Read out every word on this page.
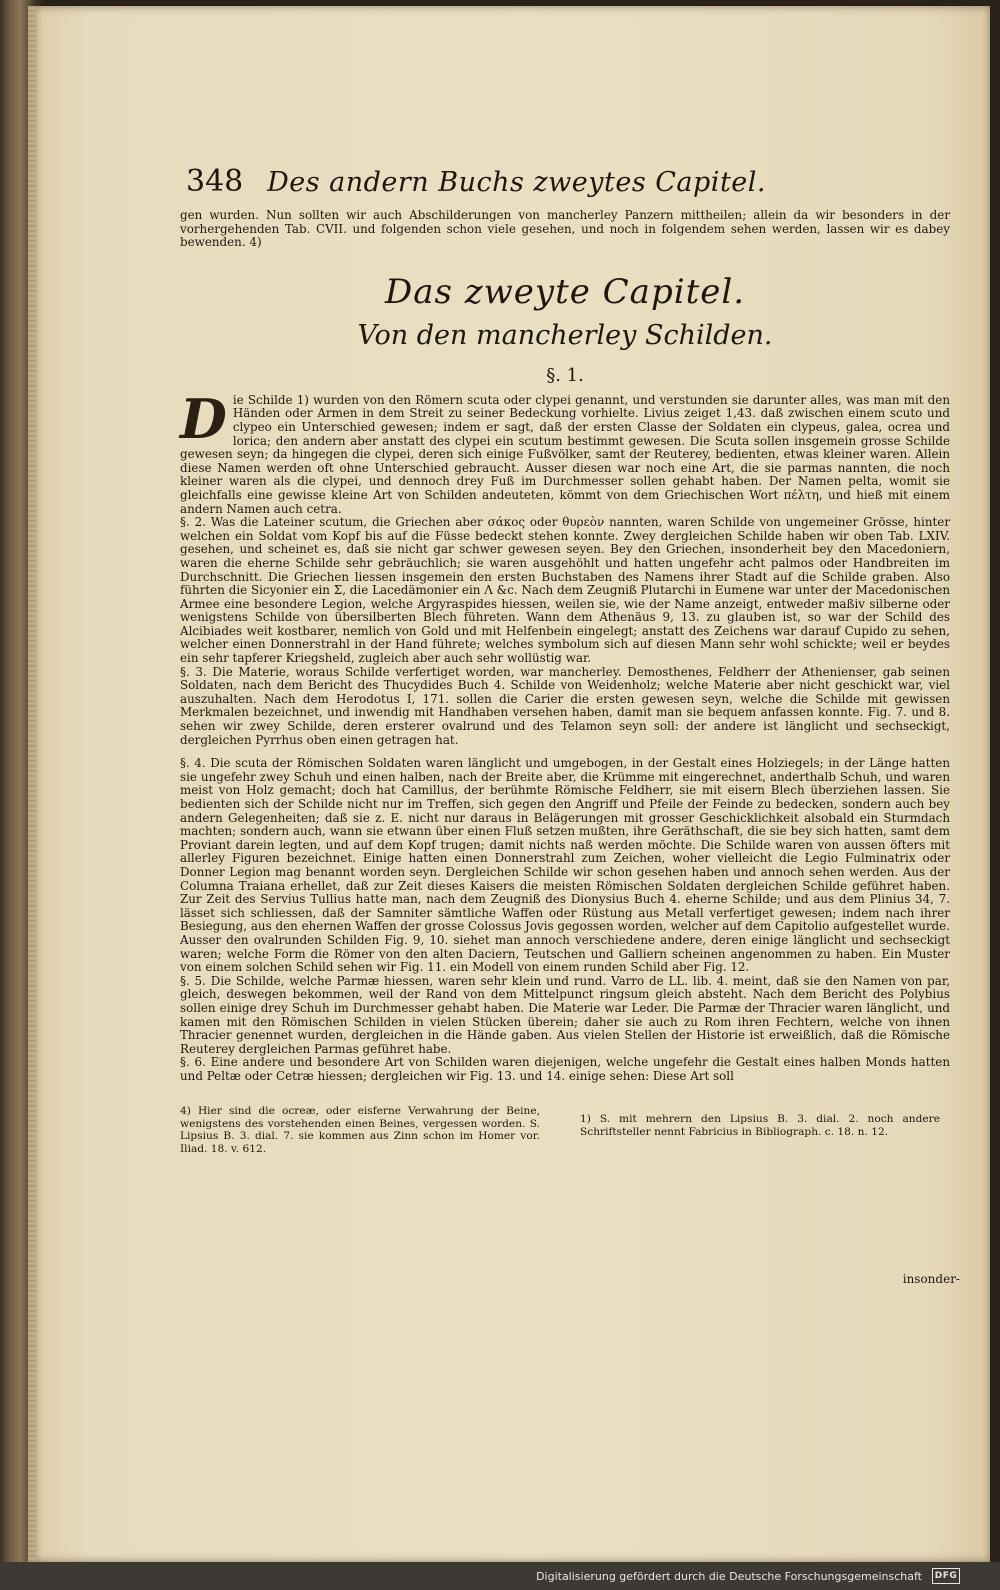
348 Des andern Buchs zweytes Capitel.

gen wurden. Nun sollten wir auch Abschilderungen von mancherley Panzern mittheilen; allein da wir besonders in der vorhergehenden Tab. CVII. und folgenden schon viele gesehen, und noch in folgendem sehen werden, lassen wir es dabey bewenden. 4)

Das zweyte Capitel.
Von den mancherley Schilden.
§. 1.

Die Schilde 1) wurden von den Römern scuta oder clypei genannt, und verstunden sie darunter alles, was man mit den Händen oder Armen in dem Streit zu seiner Bedeckung vorhielte. Livius zeiget 1,43. daß zwischen einem scuto und clypeo ein Unterschied gewesen; indem er sagt, daß der ersten Classe der Soldaten ein clypeus, galea, ocrea und lorica; den andern aber anstatt des clypei ein scutum bestimmt gewesen. Die Scuta sollen insgemein grosse Schilde gewesen seyn; da hingegen die clypei, deren sich einige Fußvölker, samt der Reuterey, bedienten, etwas kleiner waren. Allein diese Namen werden oft ohne Unterschied gebraucht. Ausser diesen war noch eine Art, die sie parmas nannten, die noch kleiner waren als die clypei, und dennoch drey Fuß im Durchmesser sollen gehabt haben. Der Namen pelta, womit sie gleichfalls eine gewisse kleine Art von Schilden andeuteten, kömmt von dem Griechischen Wort πέλτη, und hieß mit einem andern Namen auch cetra.

§. 2. Was die Lateiner scutum, die Griechen aber σάκος oder θυρεὸν nannten, waren Schilde von ungemeiner Grösse, hinter welchen ein Soldat vom Kopf bis auf die Füsse bedeckt stehen konnte. Zwey dergleichen Schilde haben wir oben Tab. LXIV. gesehen, und scheinet es, daß sie nicht gar schwer gewesen seyen. Bey den Griechen, insonderheit bey den Macedoniern, waren die eherne Schilde sehr gebräuchlich; sie waren ausgehöhlt und hatten ungefehr acht palmos oder Handbreiten im Durchschnitt. Die Griechen liessen insgemein den ersten Buchstaben des Namens ihrer Stadt auf die Schilde graben. Also führten die Sicyonier ein Σ, die Lacedämonier ein Λ &c. Nach dem Zeugniß Plutarchi in Eumene war unter der Macedonischen Armee eine besondere Legion, welche Argyraspides hiessen, weilen sie, wie der Name anzeigt, entweder maßiv silberne oder wenigstens Schilde von übersilberten Blech führeten. Wann dem Athenäus 9, 13. zu glauben ist, so war der Schild des Alcibiades weit kostbarer, nemlich von Gold und mit Helfenbein eingelegt; anstatt des Zeichens war darauf Cupido zu sehen, welcher einen Donnerstrahl in der Hand führete; welches symbolum sich auf diesen Mann sehr wohl schickte; weil er beydes ein sehr tapferer Kriegsheld, zugleich aber auch sehr wollüstig war.

§. 3. Die Materie, woraus Schilde verfertiget worden, war mancherley. Demosthenes, Feldherr der Athenienser, gab seinen Soldaten, nach dem Bericht des Thucydides Buch 4. Schilde von Weidenholz; welche Materie aber nicht geschickt war, viel auszuhalten. Nach dem Herodotus I, 171. sollen die Carier die ersten gewesen seyn, welche die Schilde mit gewissen Merkmalen bezeichnet, und inwendig mit Handhaben versehen haben, damit man sie bequem anfassen konnte. Fig. 7. und 8. sehen wir zwey Schilde, deren ersterer ovalrund und des Telamon seyn soll: der andere ist länglicht und sechseckigt, dergleichen Pyrrhus oben einen getragen hat.

§. 4. Die scuta der Römischen Soldaten waren länglicht und umgebogen, in der Gestalt eines Holziegels; in der Länge hatten sie ungefehr zwey Schuh und einen halben, nach der Breite aber, die Krümme mit eingerechnet, anderthalb Schuh, und waren meist von Holz gemacht; doch hat Camillus, der berühmte Römische Feldherr, sie mit eisern Blech überziehen lassen. Sie bedienten sich der Schilde nicht nur im Treffen, sich gegen den Angriff und Pfeile der Feinde zu bedecken, sondern auch bey andern Gelegenheiten; daß sie z. E. nicht nur daraus in Belägerungen mit grosser Geschicklichkeit alsobald ein Sturmdach machten; sondern auch, wann sie etwann über einen Fluß setzen mußten, ihre Geräthschaft, die sie bey sich hatten, samt dem Proviant darein legten, und auf dem Kopf trugen; damit nichts naß werden möchte. Die Schilde waren von aussen öfters mit allerley Figuren bezeichnet. Einige hatten einen Donnerstrahl zum Zeichen, woher vielleicht die Legio Fulminatrix oder Donner Legion mag benannt worden seyn. Dergleichen Schilde wir schon gesehen haben und annoch sehen werden. Aus der Columna Traiana erhellet, daß zur Zeit dieses Kaisers die meisten Römischen Soldaten dergleichen Schilde geführet haben. Zur Zeit des Servius Tullius hatte man, nach dem Zeugniß des Dionysius Buch 4. eherne Schilde; und aus dem Plinius 34, 7. lässet sich schliessen, daß der Samniter sämtliche Waffen oder Rüstung aus Metall verfertiget gewesen; indem nach ihrer Besiegung, aus den ehernen Waffen der grosse Colossus Jovis gegossen worden, welcher auf dem Capitolio aufgestellet wurde. Ausser den ovalrunden Schilden Fig. 9, 10. siehet man annoch verschiedene andere, deren einige länglicht und sechseckigt waren; welche Form die Römer von den alten Daciern, Teutschen und Galliern scheinen angenommen zu haben. Ein Muster von einem solchen Schild sehen wir Fig. 11. ein Modell von einem runden Schild aber Fig. 12.

§. 5. Die Schilde, welche Parmæ hiessen, waren sehr klein und rund. Varro de LL. lib. 4. meint, daß sie den Namen von par, gleich, deswegen bekommen, weil der Rand von dem Mittelpunct ringsum gleich absteht. Nach dem Bericht des Polybius sollen einige drey Schuh im Durchmesser gehabt haben. Die Materie war Leder. Die Parmæ der Thracier waren länglicht, und kamen mit den Römischen Schilden in vielen Stücken überein; daher sie auch zu Rom ihren Fechtern, welche von ihnen Thracier genennet wurden, dergleichen in die Hände gaben. Aus vielen Stellen der Historie ist erweißlich, daß die Römische Reuterey dergleichen Parmas geführet habe.

§. 6. Eine andere und besondere Art von Schilden waren diejenigen, welche ungefehr die Gestalt eines halben Monds hatten und Peltæ oder Cetræ hiessen; dergleichen wir Fig. 13. und 14. einige sehen: Diese Art soll

4) Hier sind die ocreæ, oder eisferne Verwahrung der Beine, wenigstens des vorstehenden einen Beines, vergessen worden. S. Lipsius B. 3. dial. 7. sie kommen aus Zinn schon im Homer vor. Iliad. 18. v. 612.
1) S. mit mehrern den Lipsius B. 3. dial. 2. noch andere Schriftsteller nennt Fabricius in Bibliograph. c. 18. n. 12.
insonder-
Digitalisierung gefördert durch die Deutsche Forschungsgemeinschaft	DFG
